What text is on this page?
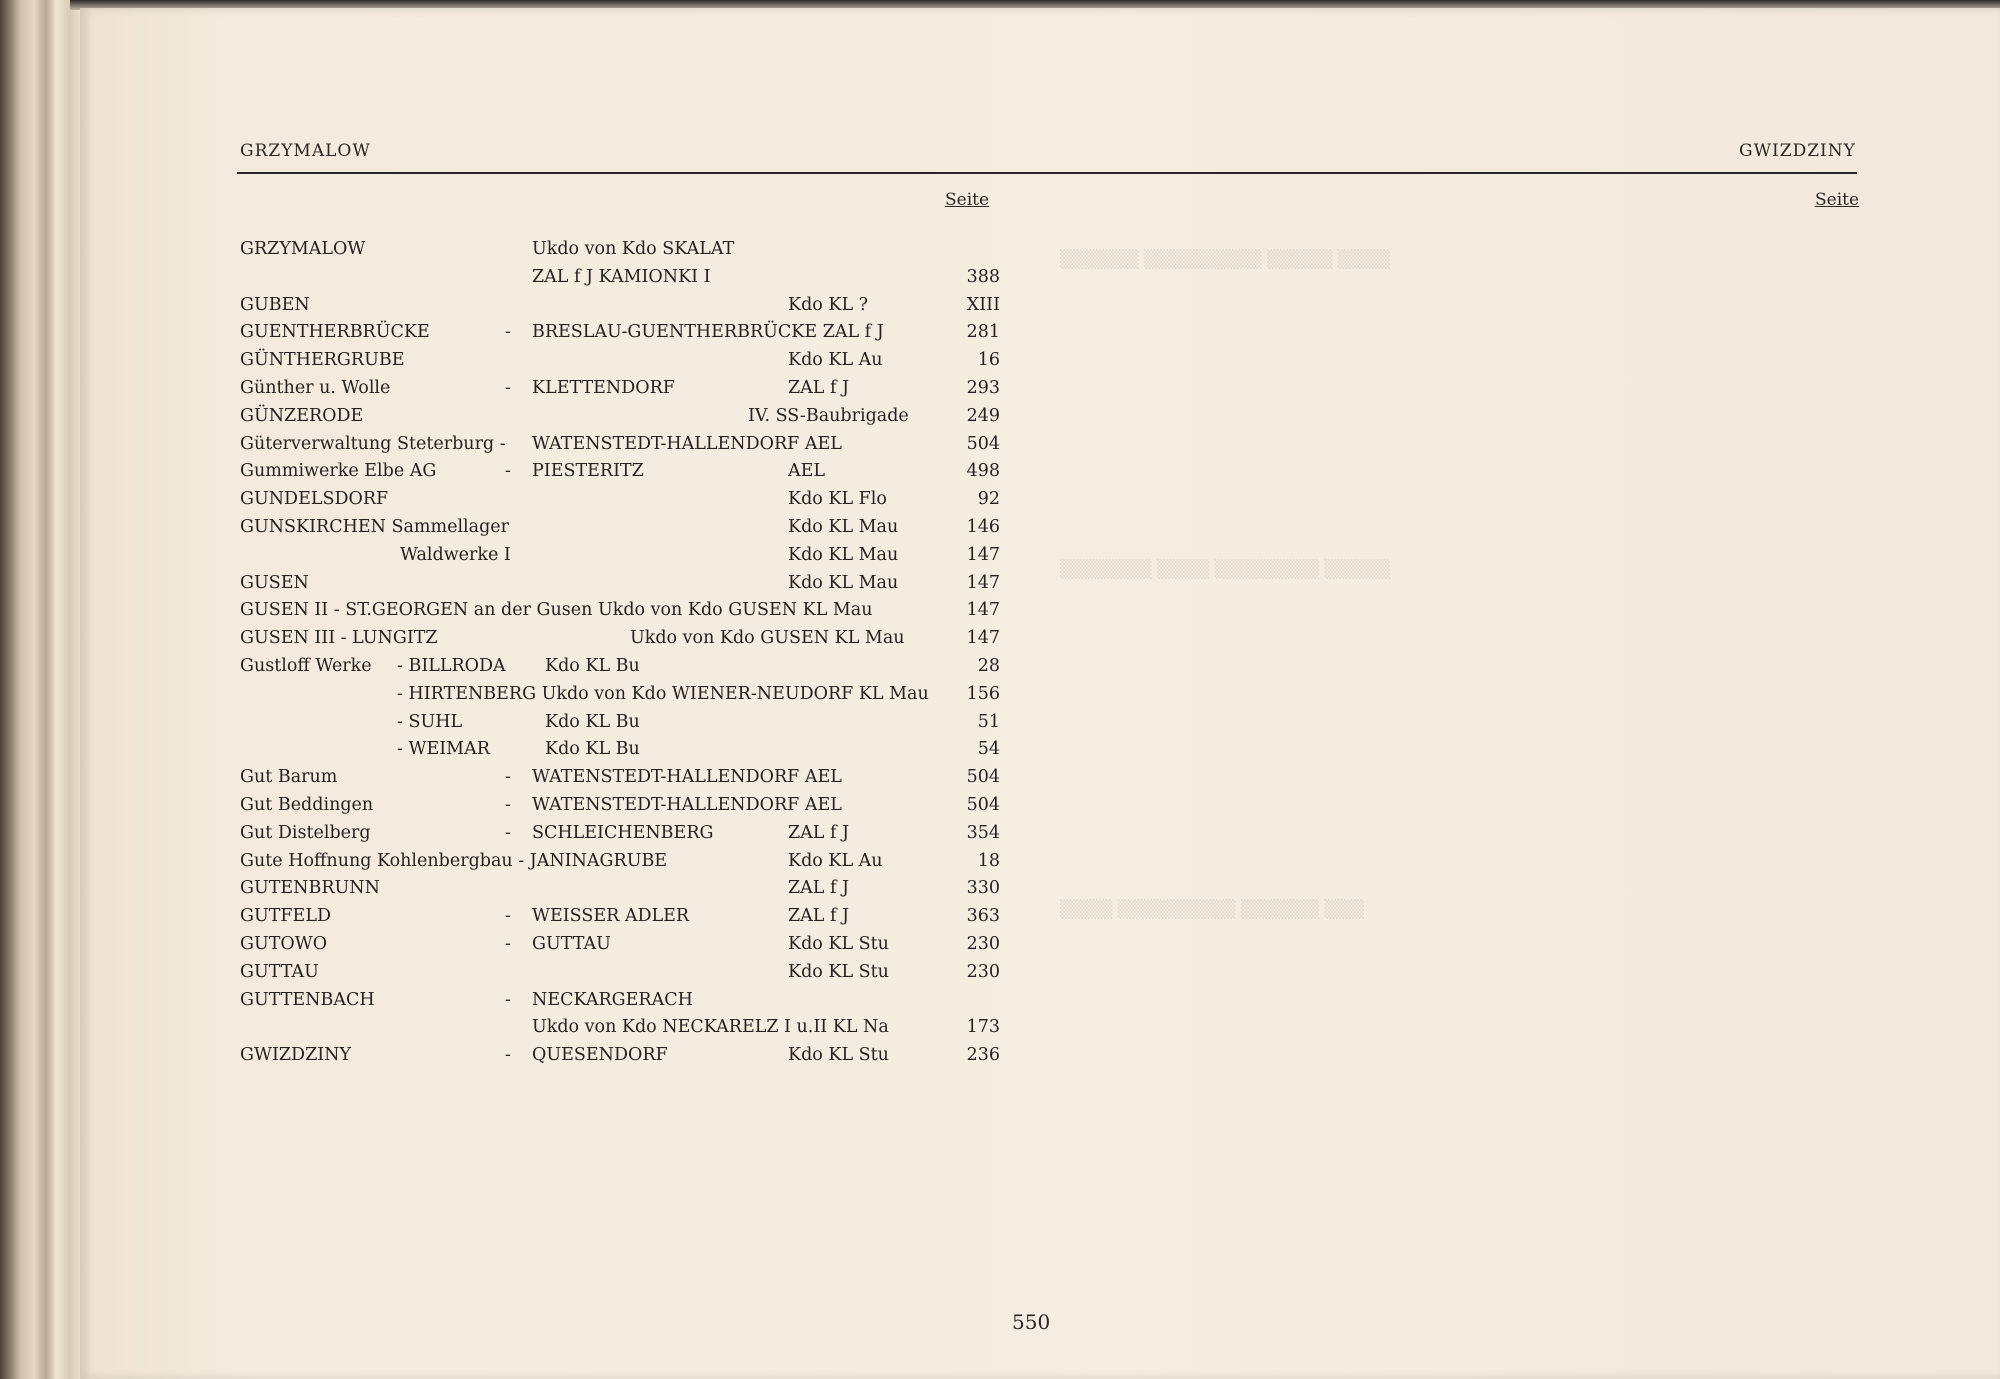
▒▒▒▒▒▒ ▒▒▒▒▒▒▒▒▒ ▒▒▒▒▒ ▒▒▒▒
▒▒▒▒▒▒▒ ▒▒▒▒ ▒▒▒▒▒▒▒▒ ▒▒▒▒▒
▒▒▒▒ ▒▒▒▒▒▒▒▒▒ ▒▒▒▒▒▒ ▒▒▒
GRZYMALOW	GWIZDZINY
Seite	Seite
GRZYMALOW	Ukdo von Kdo SKALAT
ZAL f J KAMIONKI I	388
GUBEN	Kdo KL ?	XIII
GUENTHERBRÜCKE	- BRESLAU-GUENTHERBRÜCKE ZAL f J	281
GÜNTHERGRUBE	Kdo KL Au	16
Günther u. Wolle	- KLETTENDORF	ZAL f J	293
GÜNZERODE	IV. SS-Baubrigade	249
Güterverwaltung Steterburg - WATENSTEDT-HALLENDORF AEL	504
Gummiwerke Elbe AG	- PIESTERITZ	AEL	498
GUNDELSDORF	Kdo KL Flo	92
GUNSKIRCHEN Sammellager	Kdo KL Mau	146
Waldwerke I	Kdo KL Mau	147
GUSEN	Kdo KL Mau	147
GUSEN II - ST.GEORGEN an der Gusen Ukdo von Kdo GUSEN KL Mau	147
GUSEN III - LUNGITZ	Ukdo von Kdo GUSEN KL Mau	147
Gustloff Werke - BILLRODA Kdo KL Bu	28
- HIRTENBERG Ukdo von Kdo WIENER-NEUDORF KL Mau	156
- SUHL	Kdo KL Bu	51
- WEIMAR	Kdo KL Bu	54
Gut Barum	- WATENSTEDT-HALLENDORF AEL	504
Gut Beddingen	- WATENSTEDT-HALLENDORF AEL	504
Gut Distelberg	- SCHLEICHENBERG	ZAL f J	354
Gute Hoffnung Kohlenbergbau - JANINAGRUBE	Kdo KL Au	18
GUTENBRUNN	ZAL f J	330
GUTFELD	- WEISSER ADLER	ZAL f J	363
GUTOWO	- GUTTAU	Kdo KL Stu	230
GUTTAU	Kdo KL Stu	230
GUTTENBACH	- NECKARGERACH
Ukdo von Kdo NECKARELZ I u.II KL Na	173
GWIZDZINY	- QUESENDORF	Kdo KL Stu	236
550
